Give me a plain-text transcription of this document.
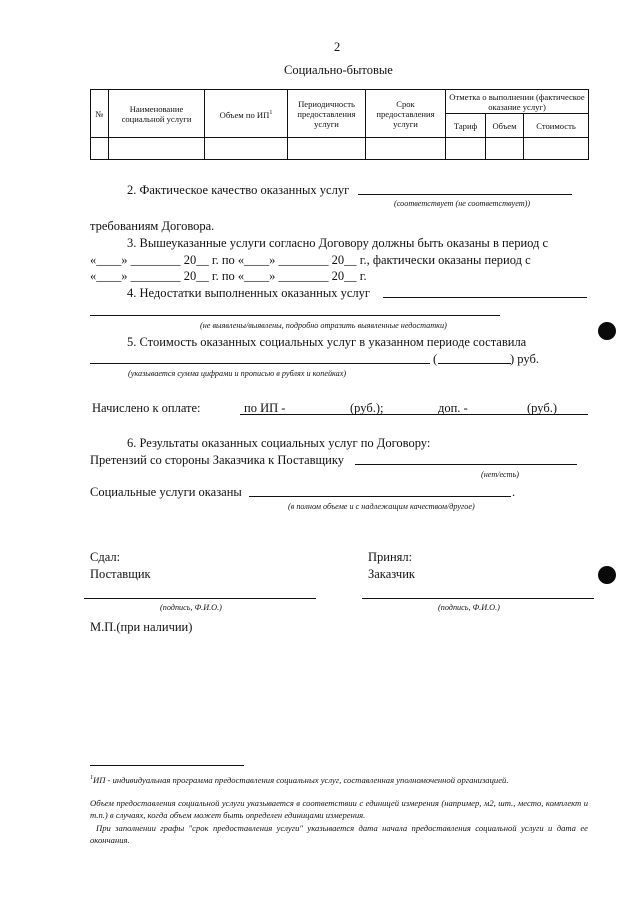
2
Социально-бытовые
№	Наименование социальной услуги	Объем по $ИП^1$	Периодичность предоставления услуги	Срок предоставления услуги	Отметка о выполнении (фактическое оказание услуг)		
					Тариф	Объем	Стоимость

2. Фактическое качество оказанных услуг
(соответствует (не соответствует))
требованиям Договора.
3. Вышеуказанные услуги согласно Договору должны быть оказаны в период с
«____» ________ 20__ г. по «____» ________ 20__ г., фактически оказаны период с
«____» ________ 20__ г. по «____» ________ 20__ г.
4. Недостатки выполненных оказанных услуг
(не выявлены/выявлены, подробно отразить выявленные недостатки)
5. Стоимость оказанных социальных услуг в указанном периоде составила
(	) руб.
(указывается сумма цифрами и прописью в рублях и копейках)
Начислено к оплате:	по ИП -	(руб.);	доп. -	(руб.)
6. Результаты оказанных социальных услуг по Договору:
Претензий со стороны Заказчика к Поставщику
(нет/есть)
Социальные услуги оказаны	.
(в полном объеме и с надлежащим качеством/другое)
Сдал:
Поставщик
Принял:
Заказчик
(подпись, Ф.И.О.)	(подпись, Ф.И.О.)
М.П.(при наличии)
$^1$ИП - индивидуальная программа предоставления социальных услуг, составленная уполномоченной организацией.
Объем предоставления социальной услуги указывается в соответствии с единицей измерения (например, м2, шт., место, комплект и т.п.) в случаях, когда объем может быть определен единицами измерения.
При заполнении графы "срок предоставления услуги" указывается дата начала предоставления социальной услуги и дата ее окончания.
